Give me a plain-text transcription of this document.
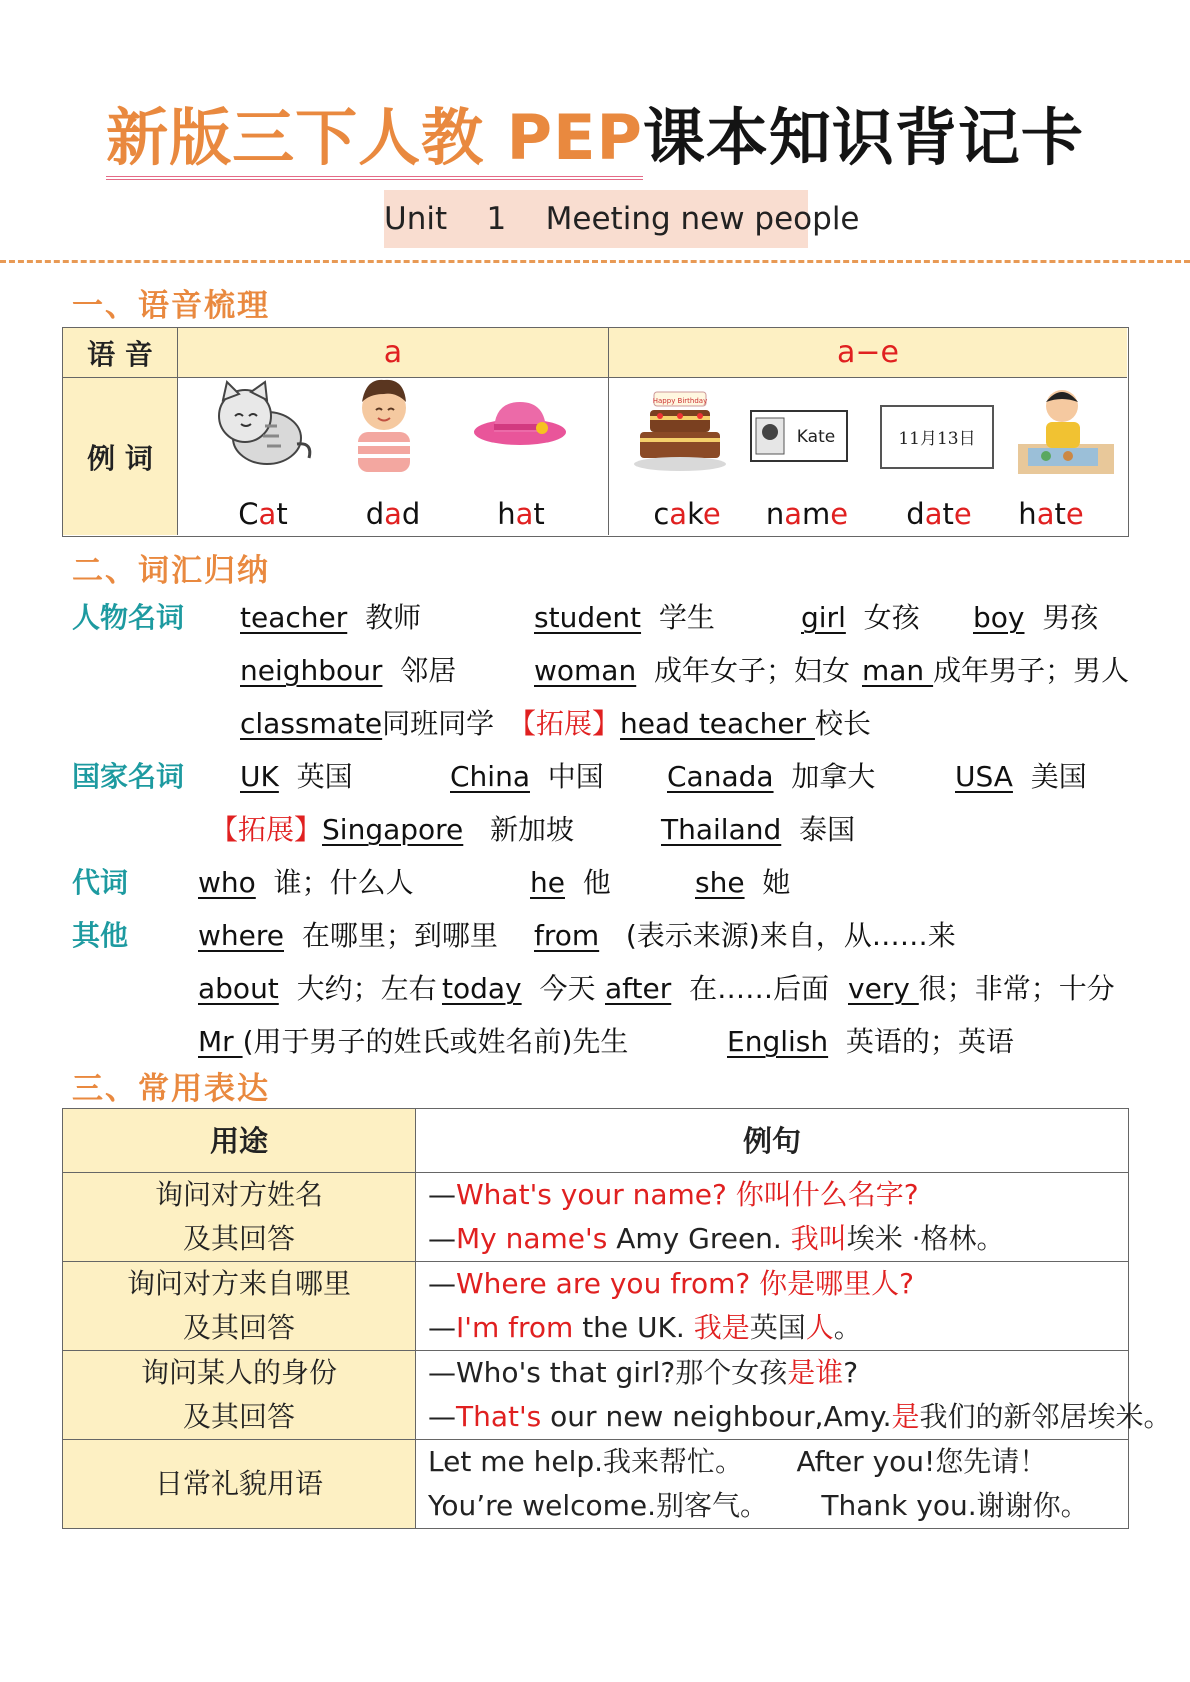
新版三下人教 PEP课本知识背记卡
Unit    1    Meeting new people
一、语音梳理
语 音	a	a−e
例 词
Happy Birthday
Kate	11月13日
Cat	dad	hat	cake	name	date	hate
二、词汇归纳
人物名词 teacher 教师	student 学生	girl 女孩 boy 男孩
neighbour 邻居	woman 成年女子；妇女 man 成年男子；男人
classmate同班同学 【拓展】head teacher 校长
国家名词 UK 英国	China 中国 Canada 加拿大	USA 美国
【拓展】Singapore 新加坡	Thailand 泰国
代词 who 谁；什么人	he 他	she 她
其他 where 在哪里；到哪里 from (表示来源)来自，从……来
about 大约；左右 today 今天 after 在……后面 very 很；非常；十分
Mr (用于男子的姓氏或姓名前)先生	English 英语的；英语
三、常用表达
用途	例句
询问对方姓名
及其回答
—What's your name? 你叫什么名字?
—My name's Amy Green. 我叫埃米 ·格林。
询问对方来自哪里
及其回答
—Where are you from? 你是哪里人?
—I'm from the UK. 我是英国人。
询问某人的身份
及其回答
—Who's that girl?那个女孩是谁?
—That's our new neighbour,Amy.是我们的新邻居埃米。
日常礼貌用语
Let me help.我来帮忙。      After you!您先请！
You’re welcome.别客气。      Thank you.谢谢你。
